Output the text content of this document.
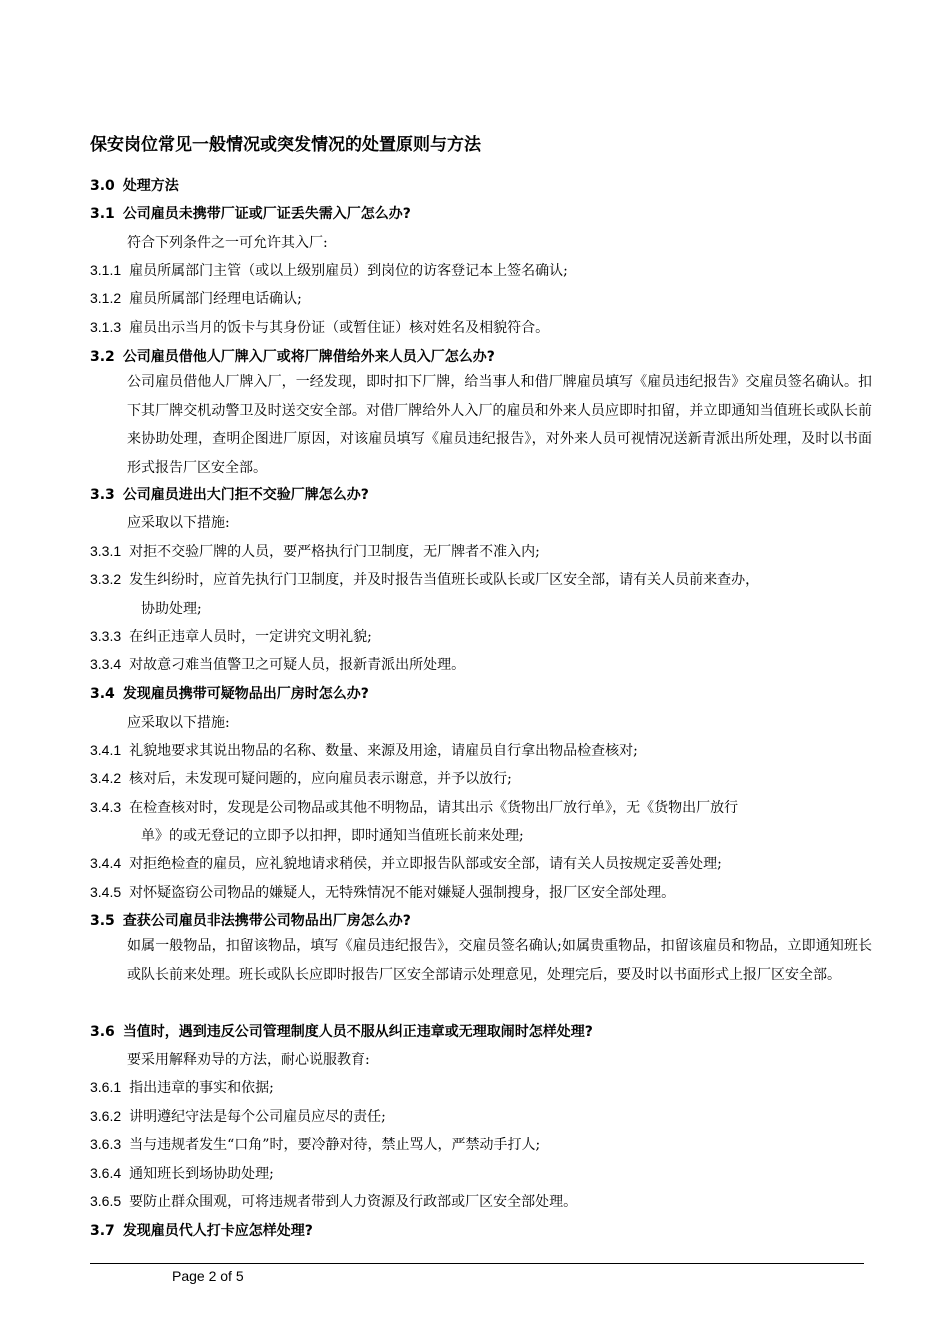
保安岗位常见一般情况或突发情况的处置原则与方法
3.0 处理方法
3.1 公司雇员未携带厂证或厂证丢失需入厂怎么办?
符合下列条件之一可允许其入厂:
3.1.1 雇员所属部门主管（或以上级别雇员）到岗位的访客登记本上签名确认;
3.1.2 雇员所属部门经理电话确认;
3.1.3 雇员出示当月的饭卡与其身份证（或暂住证）核对姓名及相貌符合。
3.2 公司雇员借他人厂牌入厂或将厂牌借给外来人员入厂怎么办?
公司雇员借他人厂牌入厂，一经发现，即时扣下厂牌，给当事人和借厂牌雇员填写《雇员违纪报告》交雇员签名确认。扣下其厂牌交机动警卫及时送交安全部。对借厂牌给外人入厂的雇员和外来人员应即时扣留，并立即通知当值班长或队长前来协助处理，查明企图进厂原因，对该雇员填写《雇员违纪报告》，对外来人员可视情况送新青派出所处理，及时以书面形式报告厂区安全部。
3.3 公司雇员进出大门拒不交验厂牌怎么办?
应采取以下措施:
3.3.1 对拒不交验厂牌的人员，要严格执行门卫制度，无厂牌者不准入内;
3.3.2 发生纠纷时，应首先执行门卫制度，并及时报告当值班长或队长或厂区安全部，请有关人员前来查办，
协助处理;
3.3.3 在纠正违章人员时，一定讲究文明礼貌;
3.3.4 对故意刁难当值警卫之可疑人员，报新青派出所处理。
3.4 发现雇员携带可疑物品出厂房时怎么办?
应采取以下措施:
3.4.1 礼貌地要求其说出物品的名称、数量、来源及用途，请雇员自行拿出物品检查核对;
3.4.2 核对后，未发现可疑问题的，应向雇员表示谢意，并予以放行;
3.4.3 在检查核对时，发现是公司物品或其他不明物品，请其出示《货物出厂放行单》，无《货物出厂放行
单》的或无登记的立即予以扣押，即时通知当值班长前来处理;
3.4.4 对拒绝检查的雇员，应礼貌地请求稍侯，并立即报告队部或安全部，请有关人员按规定妥善处理;
3.4.5 对怀疑盗窃公司物品的嫌疑人，无特殊情况不能对嫌疑人强制搜身，报厂区安全部处理。
3.5 查获公司雇员非法携带公司物品出厂房怎么办?
如属一般物品，扣留该物品，填写《雇员违纪报告》，交雇员签名确认;如属贵重物品，扣留该雇员和物品，立即通知班长或队长前来处理。班长或队长应即时报告厂区安全部请示处理意见，处理完后，要及时以书面形式上报厂区安全部。
3.6 当值时，遇到违反公司管理制度人员不服从纠正违章或无理取闹时怎样处理?
要采用解释劝导的方法，耐心说服教育:
3.6.1 指出违章的事实和依据;
3.6.2 讲明遵纪守法是每个公司雇员应尽的责任;
3.6.3 当与违规者发生“口角”时，要冷静对待，禁止骂人，严禁动手打人;
3.6.4 通知班长到场协助处理;
3.6.5 要防止群众围观，可将违规者带到人力资源及行政部或厂区安全部处理。
3.7 发现雇员代人打卡应怎样处理?
Page 2 of 5
